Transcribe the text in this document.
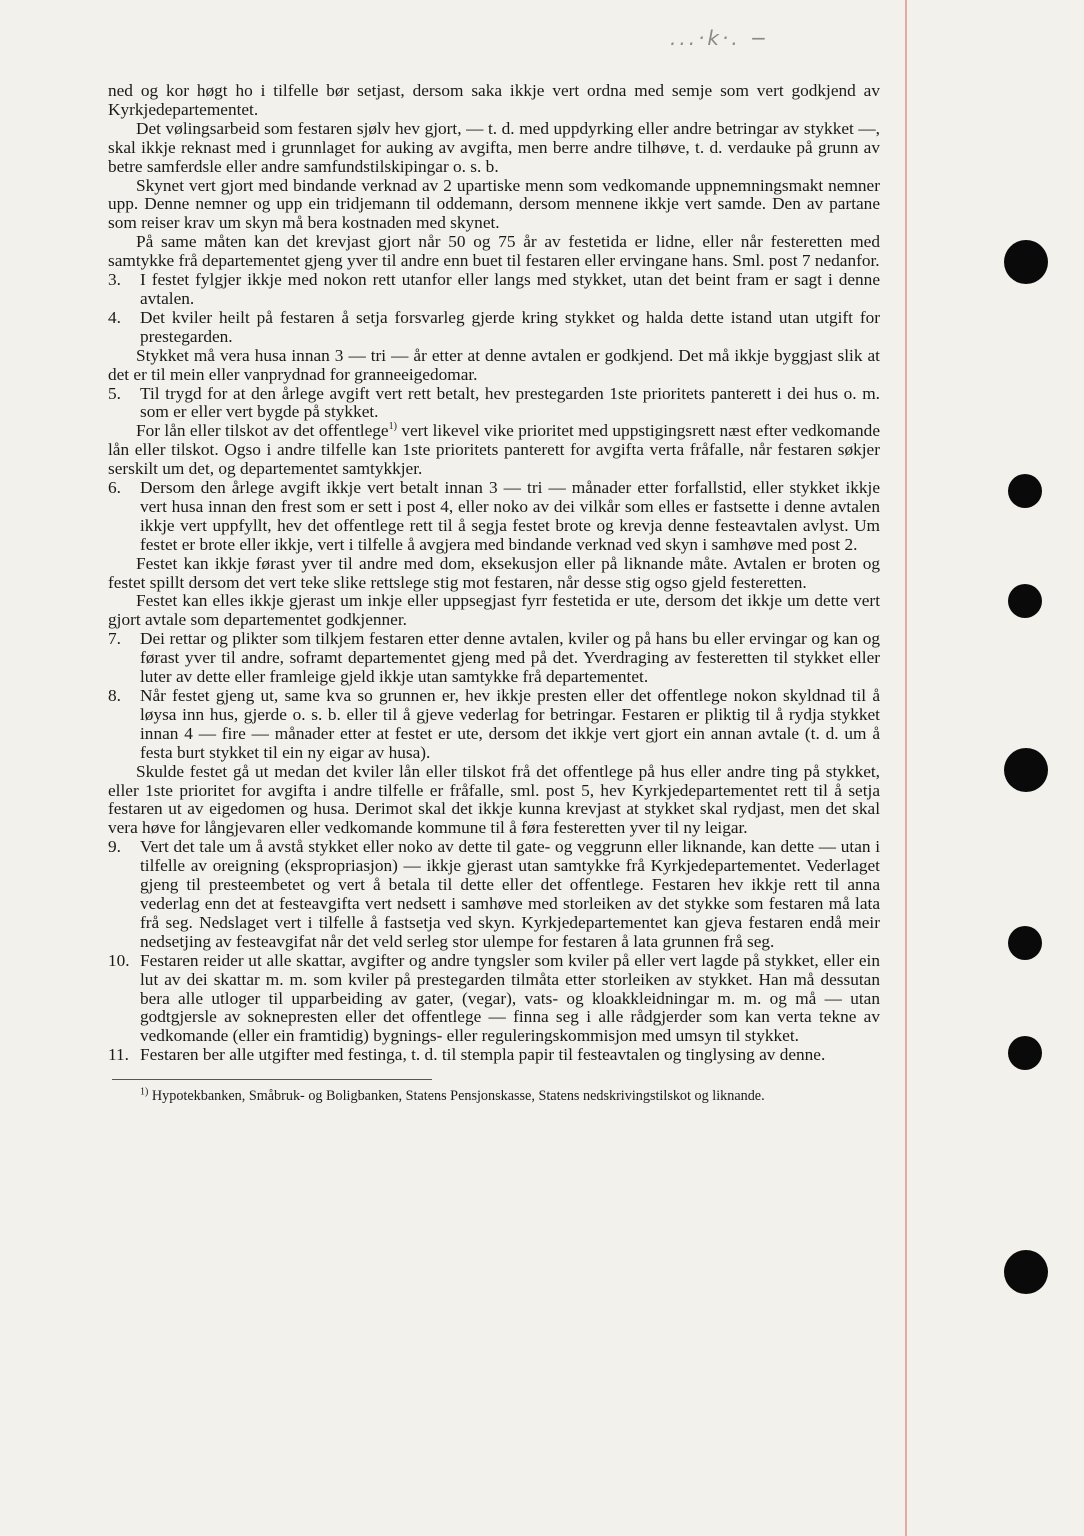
...·k·. −

ned og kor høgt ho i tilfelle bør setjast, dersom saka ikkje vert ordna med semje som vert godkjend av Kyrkjedepartementet.

Det vølingsarbeid som festaren sjølv hev gjort, — t. d. med uppdyrking eller andre betringar av stykket —, skal ikkje reknast med i grunnlaget for auking av avgifta, men berre andre tilhøve, t. d. verdauke på grunn av betre samferdsle eller andre samfundstilskipingar o. s. b.

Skynet vert gjort med bindande verknad av 2 upartiske menn som vedkomande uppnemningsmakt nemner upp. Denne nemner og upp ein tridjemann til oddemann, dersom mennene ikkje vert samde. Den av partane som reiser krav um skyn må bera kostnaden med skynet.

På same måten kan det krevjast gjort når 50 og 75 år av festetida er lidne, eller når festeretten med samtykke frå departementet gjeng yver til andre enn buet til festaren eller ervingane hans. Sml. post 7 nedanfor.

3. I festet fylgjer ikkje med nokon rett utanfor eller langs med stykket, utan det beint fram er sagt i denne avtalen.

4. Det kviler heilt på festaren å setja forsvarleg gjerde kring stykket og halda dette istand utan utgift for prestegarden.

Stykket må vera husa innan 3 — tri — år etter at denne avtalen er godkjend. Det må ikkje byggjast slik at det er til mein eller vanprydnad for granneeigedomar.

5. Til trygd for at den årlege avgift vert rett betalt, hev prestegarden 1ste prioritets panterett i dei hus o. m. som er eller vert bygde på stykket.

For lån eller tilskot av det offentlege$^{1)}$ vert likevel vike prioritet med uppstigingsrett næst efter vedkomande lån eller tilskot. Ogso i andre tilfelle kan 1ste prioritets panterett for avgifta verta fråfalle, når festaren søkjer serskilt um det, og departementet samtykkjer.

6. Dersom den årlege avgift ikkje vert betalt innan 3 — tri — månader etter forfallstid, eller stykket ikkje vert husa innan den frest som er sett i post 4, eller noko av dei vilkår som elles er fastsette i denne avtalen ikkje vert uppfyllt, hev det offentlege rett til å segja festet brote og krevja denne festeavtalen avlyst. Um festet er brote eller ikkje, vert i tilfelle å avgjera med bindande verknad ved skyn i samhøve med post 2.

Festet kan ikkje førast yver til andre med dom, eksekusjon eller på liknande måte. Avtalen er broten og festet spillt dersom det vert teke slike rettslege stig mot festaren, når desse stig ogso gjeld festeretten.

Festet kan elles ikkje gjerast um inkje eller uppsegjast fyrr festetida er ute, dersom det ikkje um dette vert gjort avtale som departementet godkjenner.

7. Dei rettar og plikter som tilkjem festaren etter denne avtalen, kviler og på hans bu eller ervingar og kan og førast yver til andre, soframt departementet gjeng med på det. Yverdraging av festeretten til stykket eller luter av dette eller framleige gjeld ikkje utan samtykke frå departementet.

8. Når festet gjeng ut, same kva so grunnen er, hev ikkje presten eller det offentlege nokon skyldnad til å løysa inn hus, gjerde o. s. b. eller til å gjeve vederlag for betringar. Festaren er pliktig til å rydja stykket innan 4 — fire — månader etter at festet er ute, dersom det ikkje vert gjort ein annan avtale (t. d. um å festa burt stykket til ein ny eigar av husa).

Skulde festet gå ut medan det kviler lån eller tilskot frå det offentlege på hus eller andre ting på stykket, eller 1ste prioritet for avgifta i andre tilfelle er fråfalle, sml. post 5, hev Kyrkjedepartementet rett til å setja festaren ut av eigedomen og husa. Derimot skal det ikkje kunna krevjast at stykket skal rydjast, men det skal vera høve for långjevaren eller vedkomande kommune til å føra festeretten yver til ny leigar.

9. Vert det tale um å avstå stykket eller noko av dette til gate- og veggrunn eller liknande, kan dette — utan i tilfelle av oreigning (ekspropriasjon) — ikkje gjerast utan samtykke frå Kyrkjedepartementet. Vederlaget gjeng til presteembetet og vert å betala til dette eller det offentlege. Festaren hev ikkje rett til anna vederlag enn det at festeavgifta vert nedsett i samhøve med storleiken av det stykke som festaren må lata frå seg. Nedslaget vert i tilfelle å fastsetja ved skyn. Kyrkjedepartementet kan gjeva festaren endå meir nedsetjing av festeavgifat når det veld serleg stor ulempe for festaren å lata grunnen frå seg.

10. Festaren reider ut alle skattar, avgifter og andre tyngsler som kviler på eller vert lagde på stykket, eller ein lut av dei skattar m. m. som kviler på prestegarden tilmåta etter storleiken av stykket. Han må dessutan bera alle utloger til upparbeiding av gater, (vegar), vats- og kloakkleidningar m. m. og må — utan godtgjersle av soknepresten eller det offentlege — finna seg i alle rådgjerder som kan verta tekne av vedkomande (eller ein framtidig) bygnings- eller reguleringskommisjon med umsyn til stykket.

11. Festaren ber alle utgifter med festinga, t. d. til stempla papir til festeavtalen og tinglysing av denne.

$^{1)}$ Hypotekbanken, Småbruk- og Boligbanken, Statens Pensjonskasse, Statens nedskrivingstilskot og liknande.
